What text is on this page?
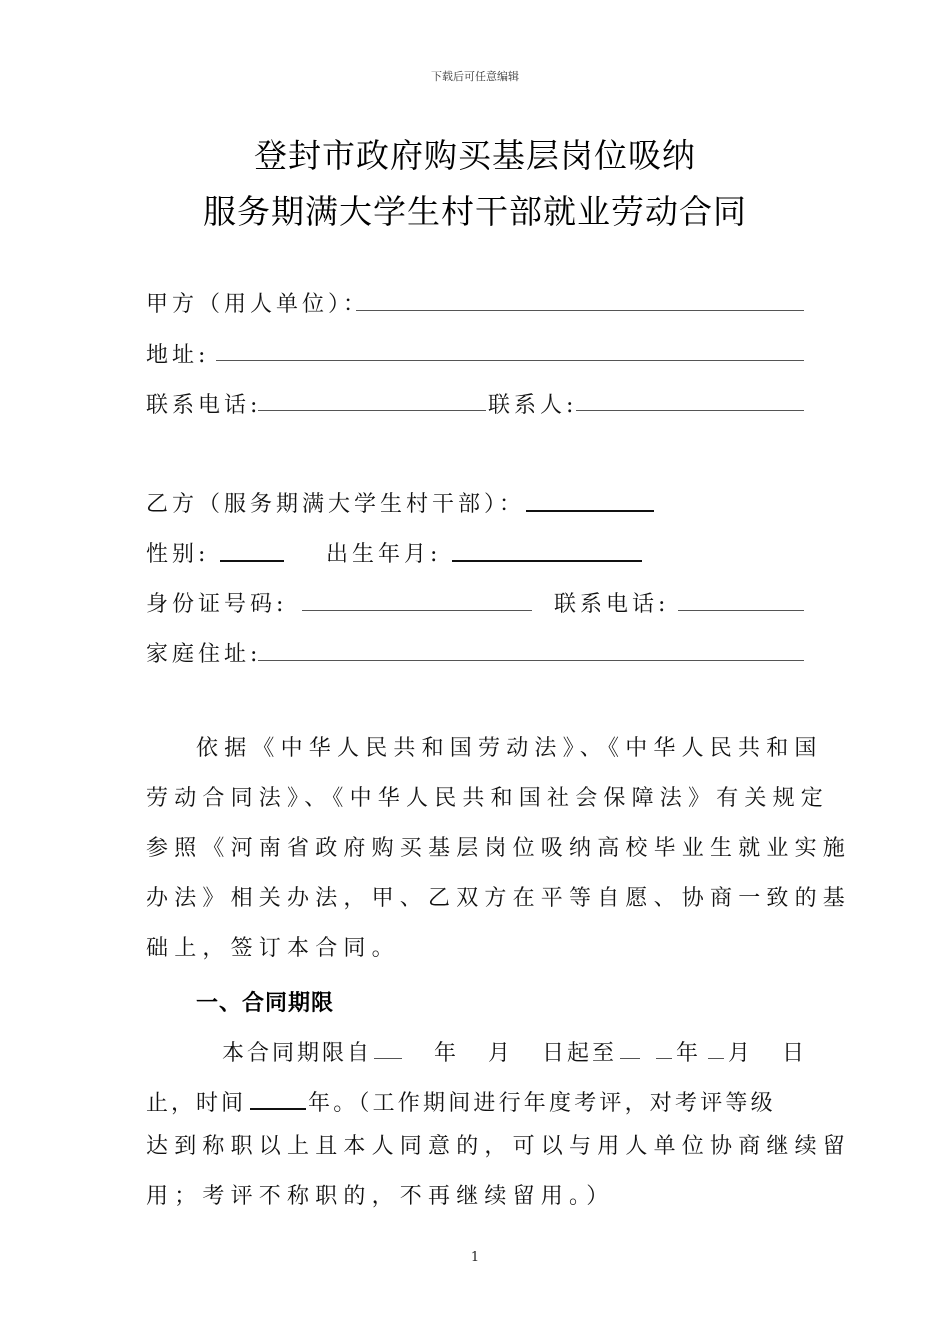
下载后可任意编辑
登封市政府购买基层岗位吸纳
服务期满大学生村干部就业劳动合同
甲方（用人单位）：
地址:
联系电话:	联系人:
乙方（服务期满大学生村干部）：
性别:	出生年月:
身份证号码:	联系电话:
家庭住址:
依据《中华人民共和国劳动法》、《中华人民共和国
劳动合同法》、《中华人民共和国社会保障法》有关规定
参照《河南省政府购买基层岗位吸纳高校毕业生就业实施
办法》相关办法，甲、乙双方在平等自愿、协商一致的基
础上，签订本合同。
一、合同期限
本合同期限自	年 月 日起至	年 月 日
止，时间	年。（工作期间进行年度考评，对考评等级
达到称职以上且本人同意的，可以与用人单位协商继续留
用；考评不称职的，不再继续留用。）
1
